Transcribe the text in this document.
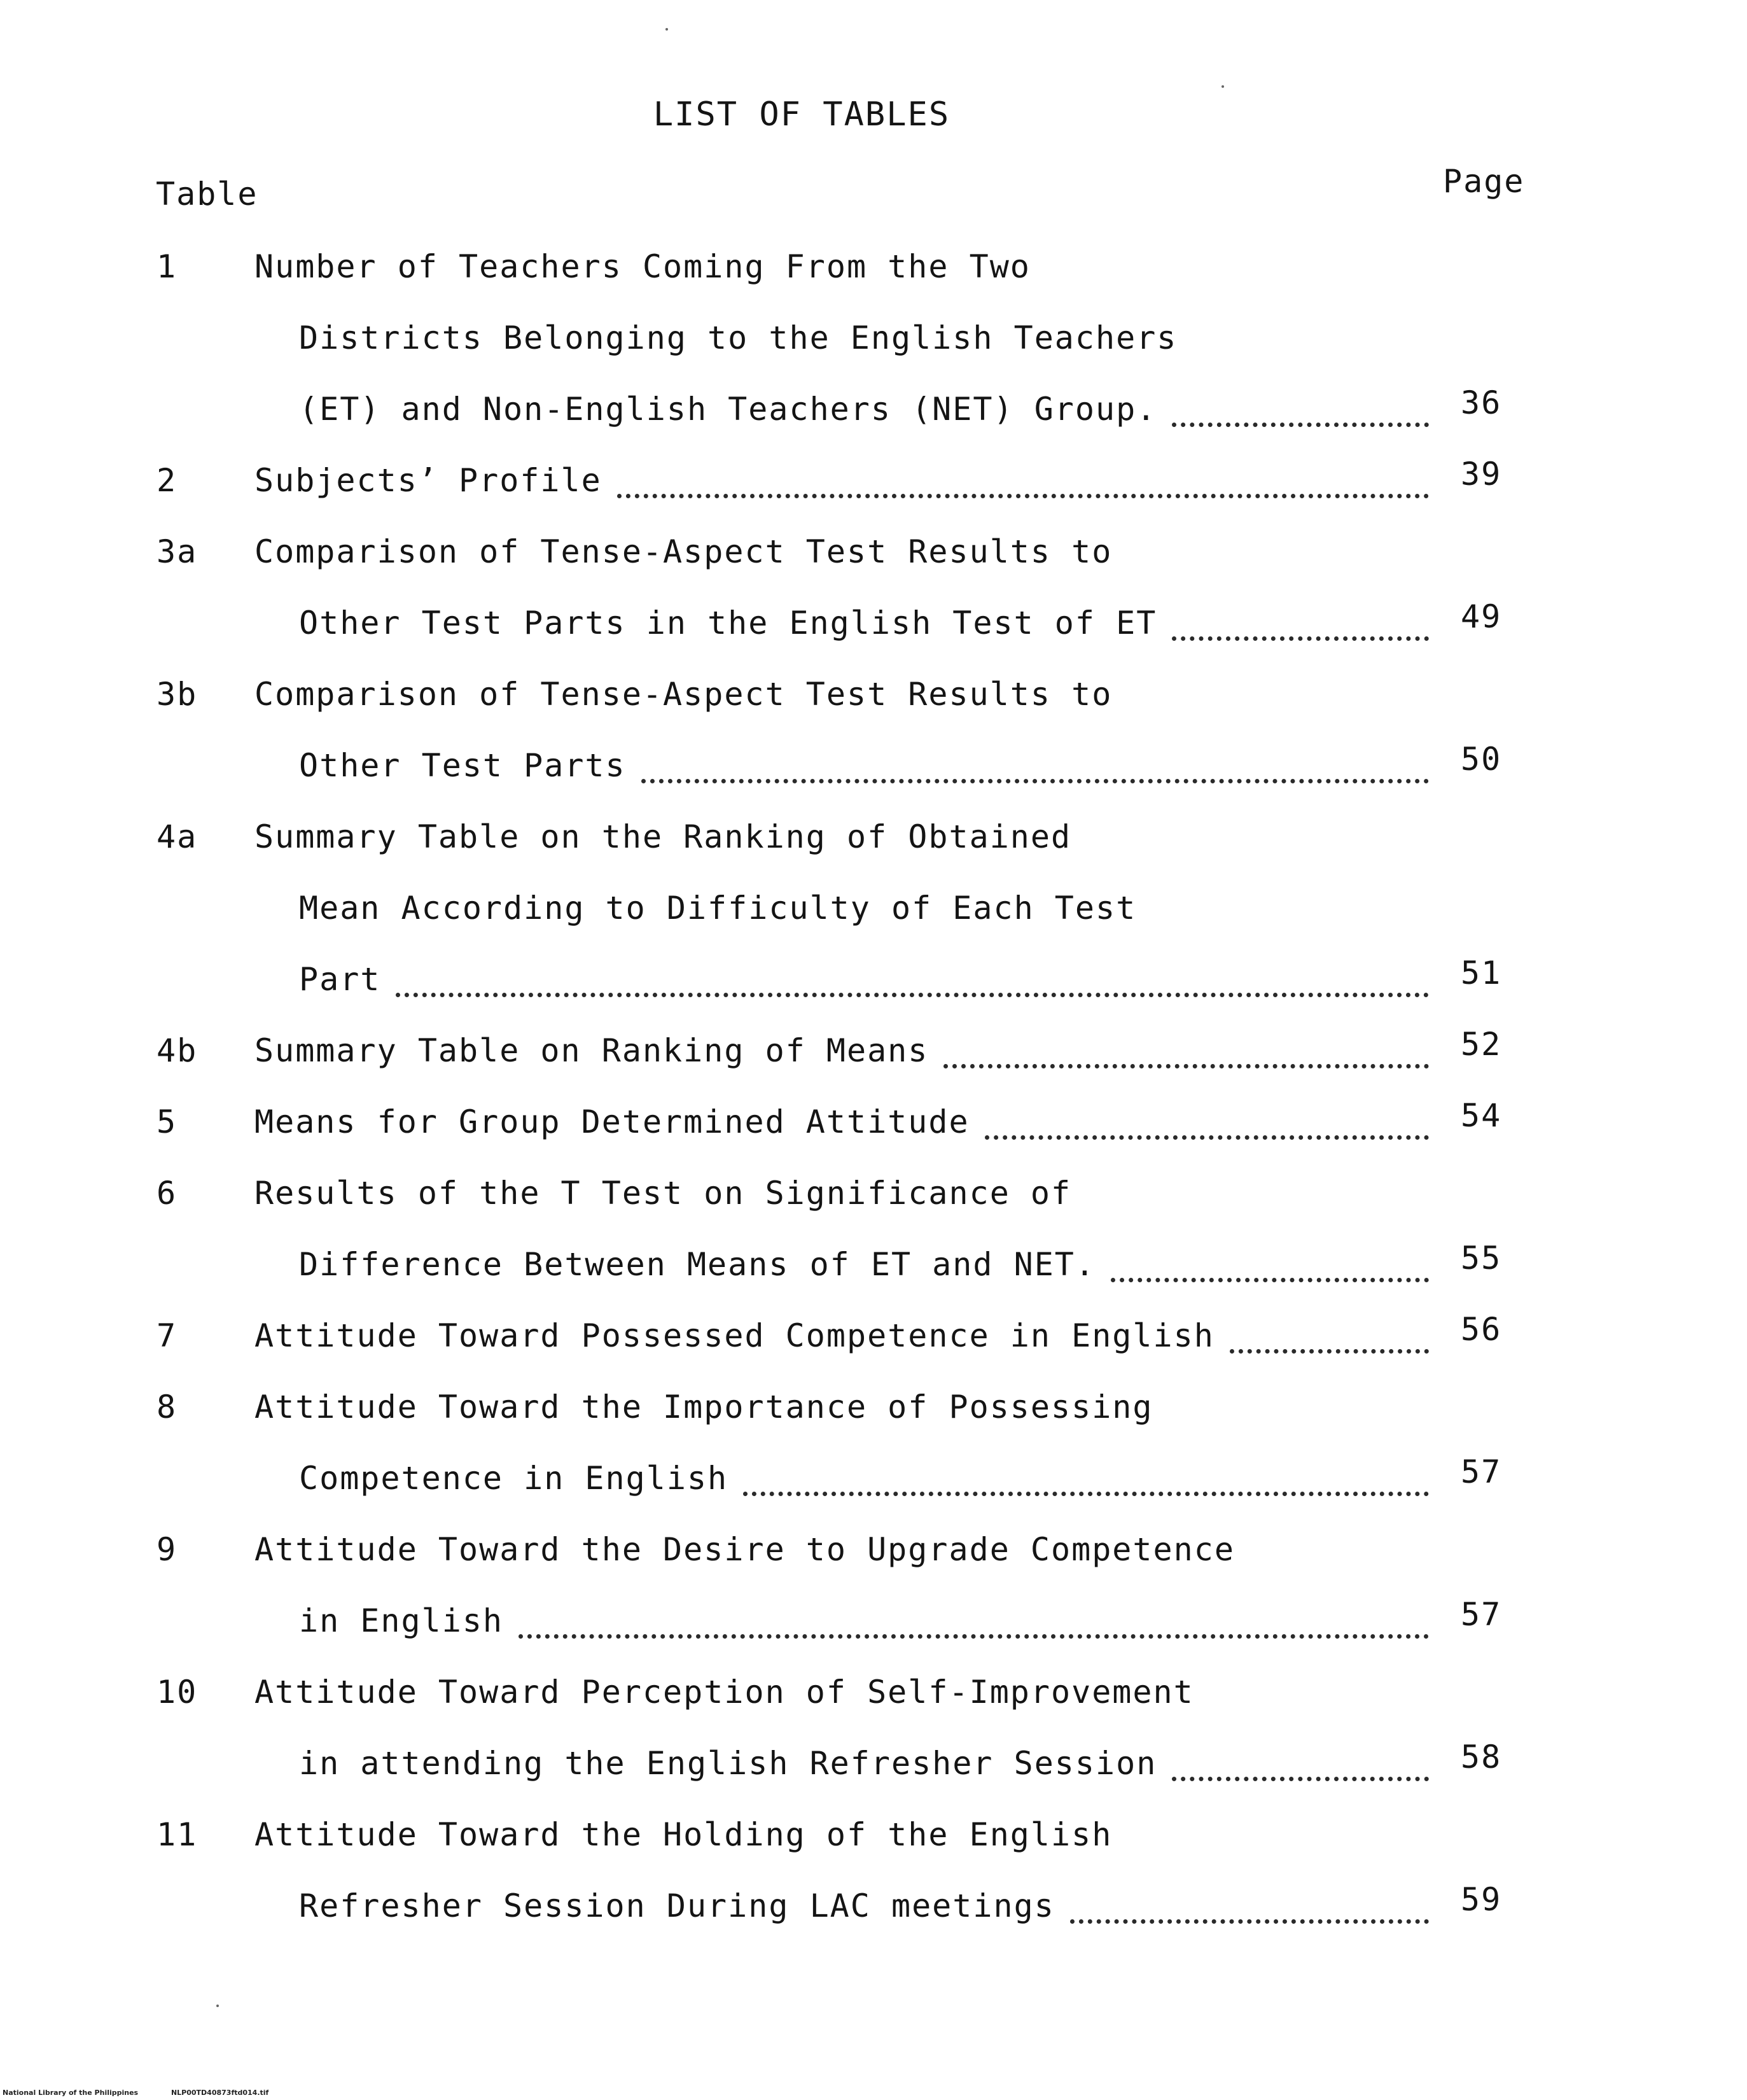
LIST OF TABLES
Table	Page
1 Number of Teachers Coming From the Two
Districts Belonging to the English Teachers
(ET) and Non-English Teachers (NET) Group.	36
2 Subjects’ Profile	39
3a Comparison of Tense-Aspect Test Results to
Other Test Parts in the English Test of ET	49
3b Comparison of Tense-Aspect Test Results to
Other Test Parts	50
4a Summary Table on the Ranking of Obtained
Mean According to Difficulty of Each Test
Part	51
4b Summary Table on Ranking of Means	52
5 Means for Group Determined Attitude	54
6 Results of the T Test on Significance of
Difference Between Means of ET and NET.	55
7 Attitude Toward Possessed Competence in English	56
8 Attitude Toward the Importance of Possessing
Competence in English	57
9 Attitude Toward the Desire to Upgrade Competence
in English	57
10 Attitude Toward Perception of Self-Improvement
in attending the English Refresher Session	58
11 Attitude Toward the Holding of the English
Refresher Session During LAC meetings	59
National Library of the Philippines	NLP00TD40873ftd014.tif
